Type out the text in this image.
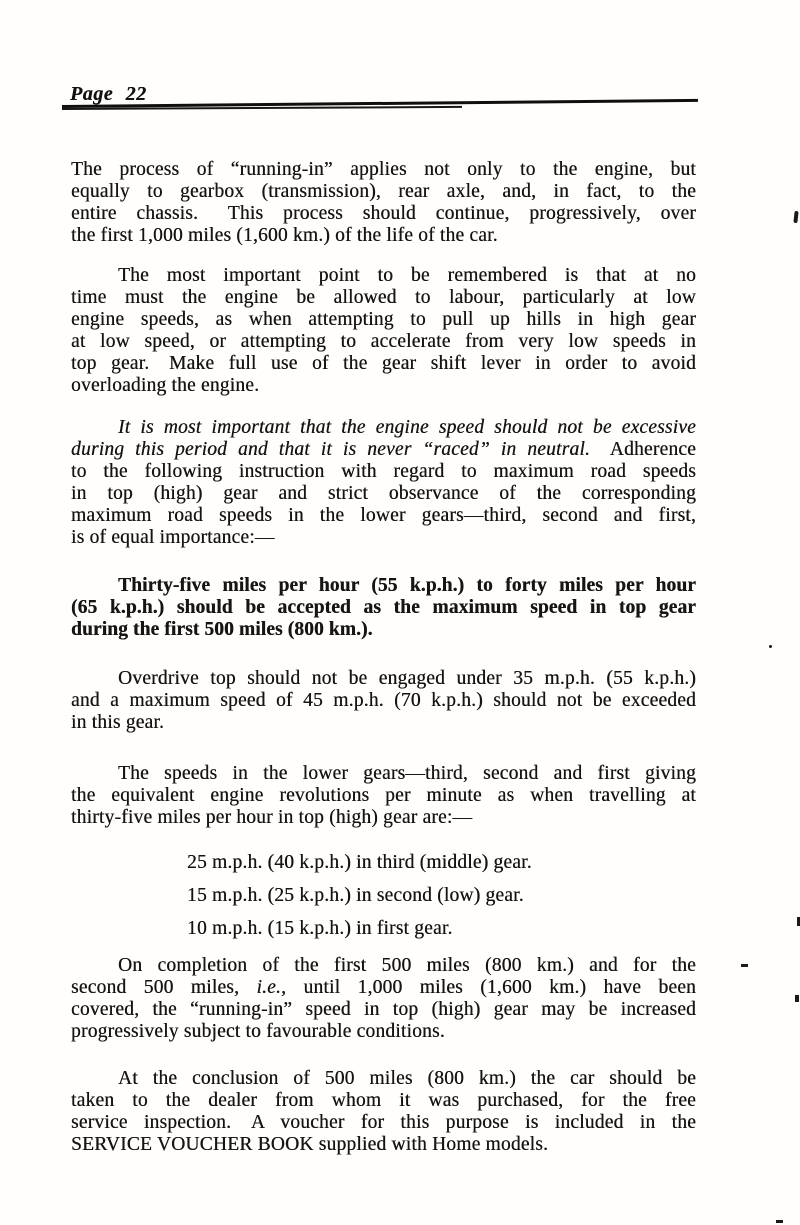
Page 22
The process of “running-in” applies not only to the engine, but
equally to gearbox (transmission), rear axle, and, in fact, to the
entire chassis.  This process should continue, progressively, over
the first 1,000 miles (1,600 km.) of the life of the car.
The most important point to be remembered is that at no
time must the engine be allowed to labour, particularly at low
engine speeds, as when attempting to pull up hills in high gear
at low speed, or attempting to accelerate from very low speeds in
top gear. Make full use of the gear shift lever in order to avoid
overloading the engine.
It is most important that the engine speed should not be excessive
during this period and that it is never “raced” in neutral. Adherence
to the following instruction with regard to maximum road speeds
in top (high) gear and strict observance of the corresponding
maximum road speeds in the lower gears—third, second and first,
is of equal importance:—
Thirty-five miles per hour (55 k.p.h.) to forty miles per hour
(65 k.p.h.) should be accepted as the maximum speed in top gear
during the first 500 miles (800 km.).
Overdrive top should not be engaged under 35 m.p.h. (55 k.p.h.)
and a maximum speed of 45 m.p.h. (70 k.p.h.) should not be exceeded
in this gear.
The speeds in the lower gears—third, second and first giving
the equivalent engine revolutions per minute as when travelling at
thirty-five miles per hour in top (high) gear are:—
25 m.p.h. (40 k.p.h.) in third (middle) gear.
15 m.p.h. (25 k.p.h.) in second (low) gear.
10 m.p.h. (15 k.p.h.) in first gear.
On completion of the first 500 miles (800 km.) and for the
second 500 miles, i.e., until 1,000 miles (1,600 km.) have been
covered, the “running-in” speed in top (high) gear may be increased
progressively subject to favourable conditions.
At the conclusion of 500 miles (800 km.) the car should be
taken to the dealer from whom it was purchased, for the free
service inspection. A voucher for this purpose is included in the
SERVICE VOUCHER BOOK supplied with Home models.
